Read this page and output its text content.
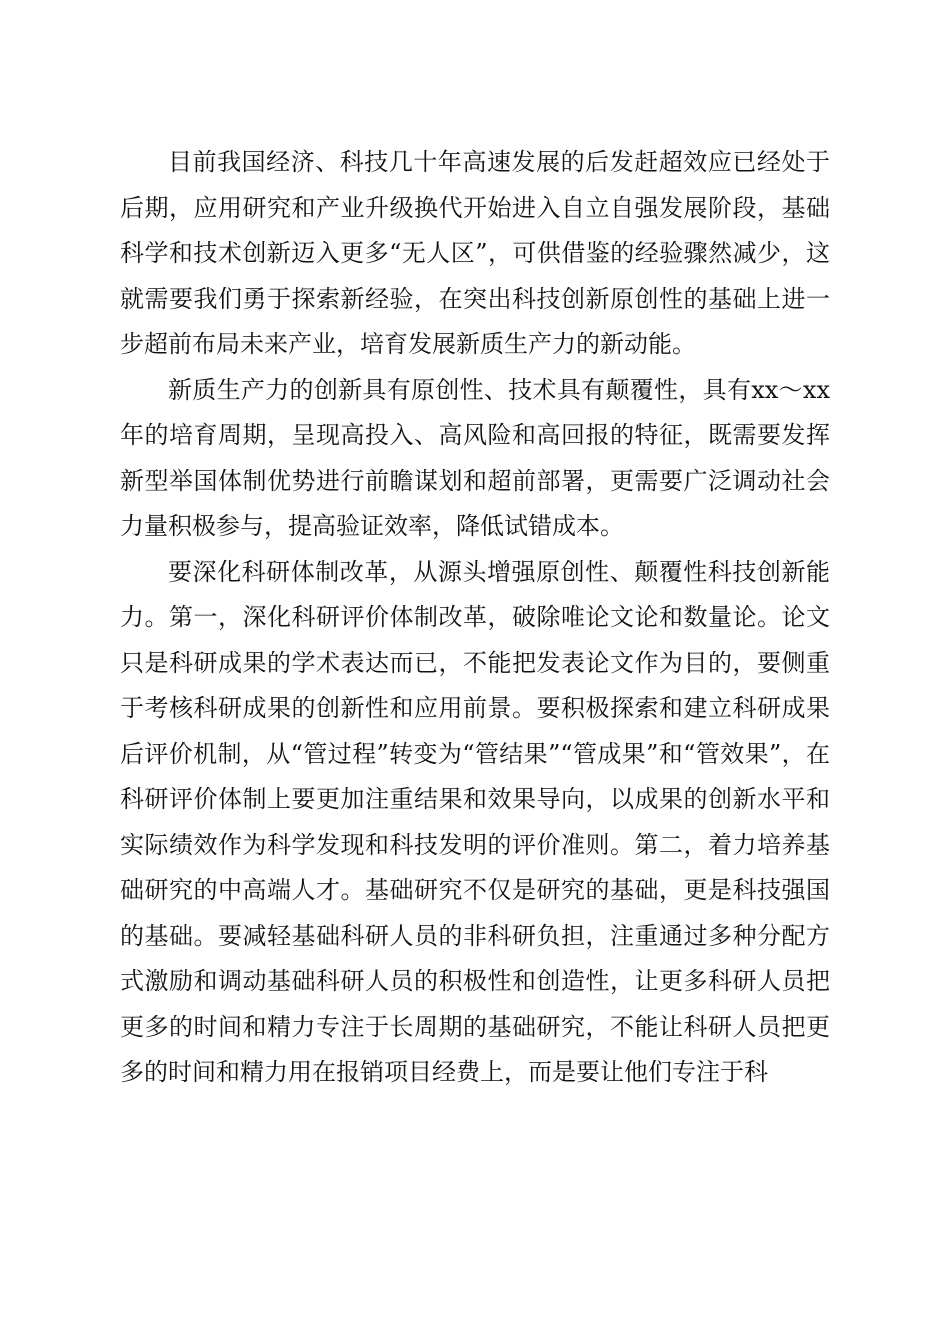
目前我国经济、科技几十年高速发展的后发赶超效应已经处于后期，应用研究和产业升级换代开始进入自立自强发展阶段，基础科学和技术创新迈入更多“无人区”，可供借鉴的经验骤然减少，这就需要我们勇于探索新经验，在突出科技创新原创性的基础上进一步超前布局未来产业，培育发展新质生产力的新动能。

新质生产力的创新具有原创性、技术具有颠覆性，具有xx～xx年的培育周期，呈现高投入、高风险和高回报的特征，既需要发挥新型举国体制优势进行前瞻谋划和超前部署，更需要广泛调动社会力量积极参与，提高验证效率，降低试错成本。

要深化科研体制改革，从源头增强原创性、颠覆性科技创新能力。第一，深化科研评价体制改革，破除唯论文论和数量论。论文只是科研成果的学术表达而已，不能把发表论文作为目的，要侧重于考核科研成果的创新性和应用前景。要积极探索和建立科研成果后评价机制，从“管过程”转变为“管结果”“管成果”和“管效果”，在科研评价体制上要更加注重结果和效果导向，以成果的创新水平和实际绩效作为科学发现和科技发明的评价准则。第二，着力培养基础研究的中高端人才。基础研究不仅是研究的基础，更是科技强国的基础。要减轻基础科研人员的非科研负担，注重通过多种分配方式激励和调动基础科研人员的积极性和创造性，让更多科研人员把更多的时间和精力专注于长周期的基础研究，不能让科研人员把更多的时间和精力用在报销项目经费上，而是要让他们专注于科
